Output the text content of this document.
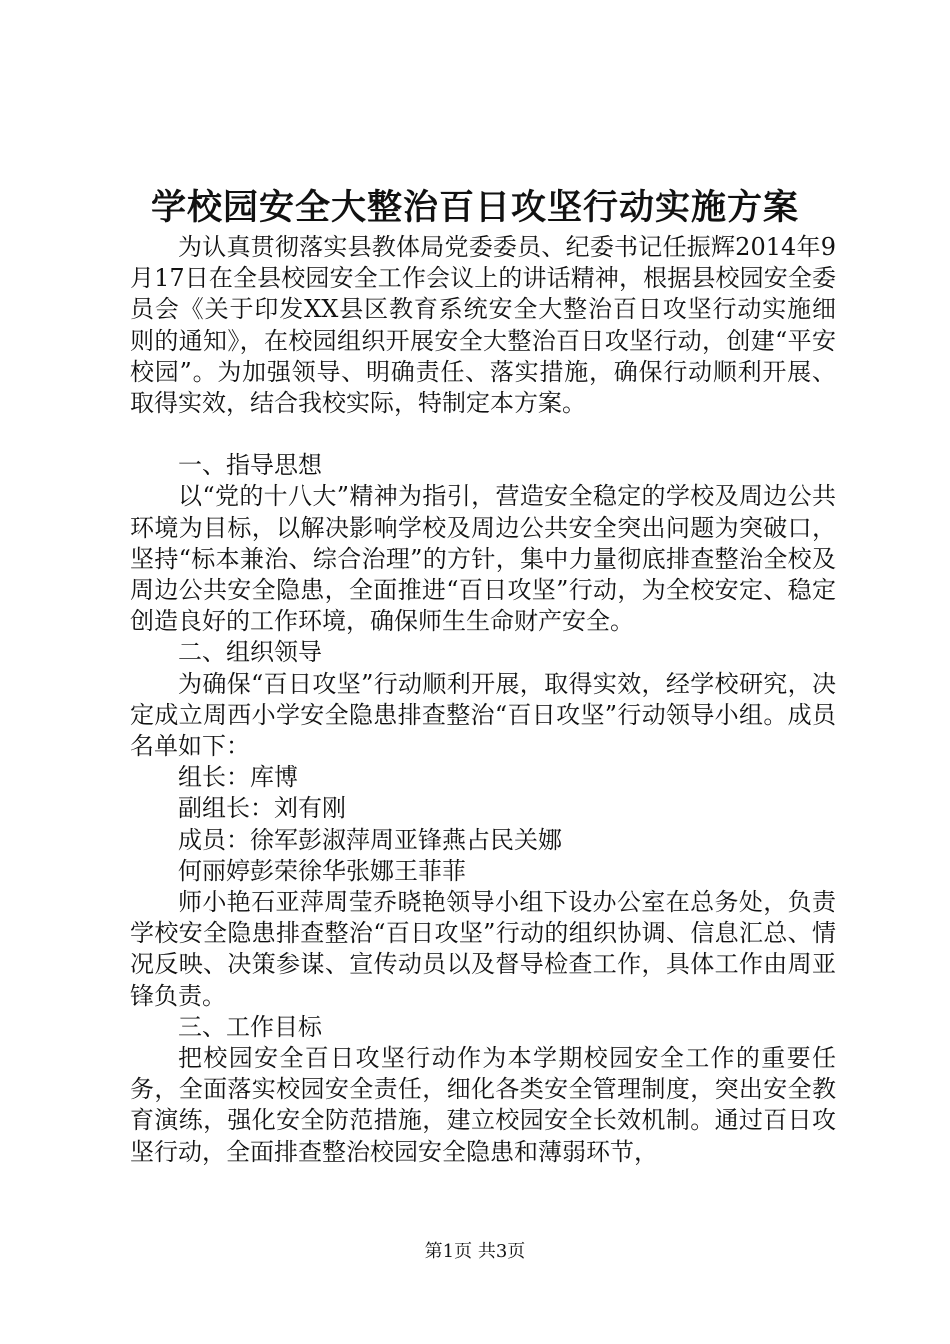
学校园安全大整治百日攻坚行动实施方案

为认真贯彻落实县教体局党委委员、纪委书记任振辉2014年9月17日在全县校园安全工作会议上的讲话精神，根据县校园安全委员会《关于印发XX县区教育系统安全大整治百日攻坚行动实施细则的通知》，在校园组织开展安全大整治百日攻坚行动，创建“平安校园”。为加强领导、明确责任、落实措施，确保行动顺利开展、取得实效，结合我校实际，特制定本方案。

一、指导思想

以“党的十八大”精神为指引，营造安全稳定的学校及周边公共环境为目标，以解决影响学校及周边公共安全突出问题为突破口，坚持“标本兼治、综合治理”的方针，集中力量彻底排查整治全校及周边公共安全隐患，全面推进“百日攻坚”行动，为全校安定、稳定创造良好的工作环境，确保师生生命财产安全。

二、组织领导

为确保“百日攻坚”行动顺利开展，取得实效，经学校研究，决定成立周西小学安全隐患排查整治“百日攻坚”行动领导小组。成员名单如下：

组长：库博

副组长：刘有刚

成员：徐军彭淑萍周亚锋燕占民关娜

何丽婷彭荣徐华张娜王菲菲

师小艳石亚萍周莹乔晓艳领导小组下设办公室在总务处，负责学校安全隐患排查整治“百日攻坚”行动的组织协调、信息汇总、情况反映、决策参谋、宣传动员以及督导检查工作，具体工作由周亚锋负责。

三、工作目标

把校园安全百日攻坚行动作为本学期校园安全工作的重要任务，全面落实校园安全责任，细化各类安全管理制度，突出安全教育演练，强化安全防范措施，建立校园安全长效机制。通过百日攻坚行动，全面排查整治校园安全隐患和薄弱环节，

第1页 共3页
